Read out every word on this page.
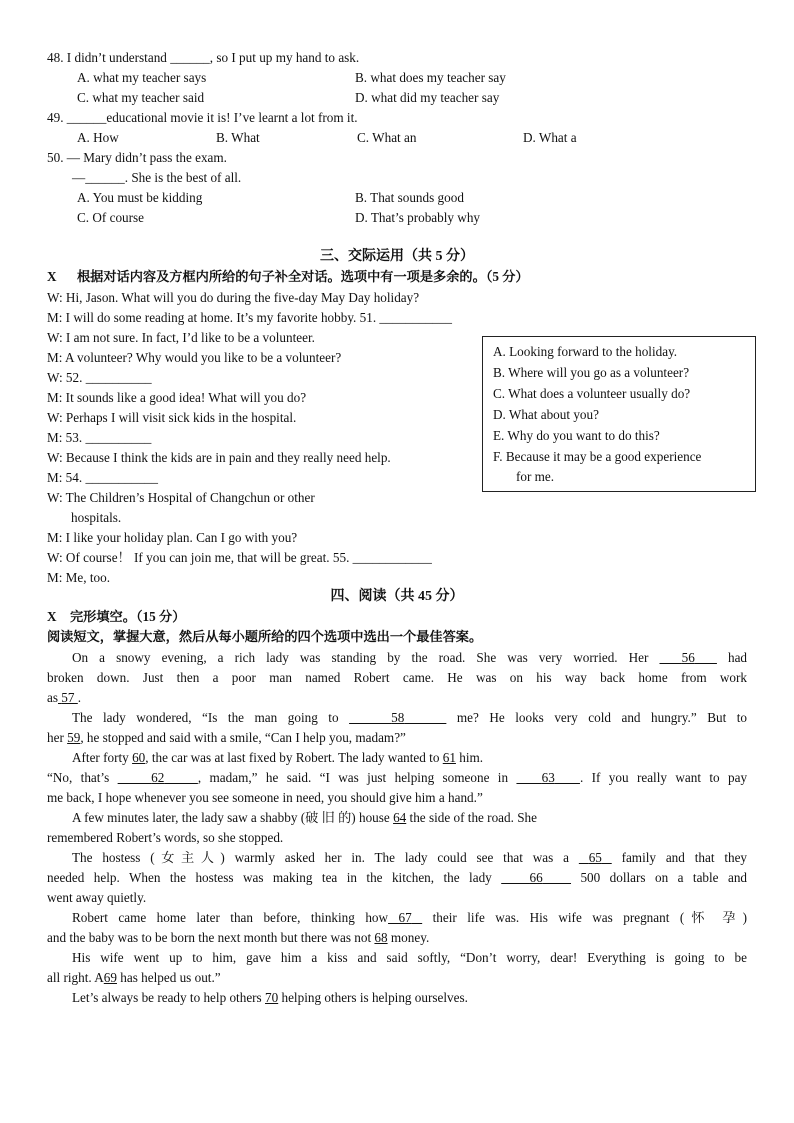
48. I didn’t understand ______, so I put up my hand to ask.
A. what my teacher says	B. what does my teacher say
C. what my teacher said	D. what did my teacher say
49. ______educational movie it is! I’ve learnt a lot from it.
A. How	B. What	C. What an	D. What a
50. — Mary didn’t pass the exam.
—______. She is the best of all.
A. You must be kidding	B. That sounds good
C. Of course	D. That’s probably why
三、交际运用（共 5 分）
X 根据对话内容及方框内所给的句子补全对话。选项中有一项是多余的。（5 分）
W: Hi, Jason. What will you do during the five-day May Day holiday?
M: I will do some reading at home. It’s my favorite hobby. 51. ___________
W: I am not sure. In fact, I’d like to be a volunteer.
M: A volunteer? Why would you like to be a volunteer?
W: 52. __________
M: It sounds like a good idea! What will you do?
W: Perhaps I will visit sick kids in the hospital.
M: 53. __________
W: Because I think the kids are in pain and they really need help.
M: 54. ___________
W: The Children’s Hospital of Changchun or other
hospitals.
M: I like your holiday plan. Can I go with you?
W: Of course！ If you can join me, that will be great. 55. ____________
M: Me, too.
A. Looking forward to the holiday.
B. Where will you go as a volunteer?
C. What does a volunteer usually do?
D. What about you?
E. Why do you want to do this?
F. Because it may be a good experience
for me.
四、阅读（共 45 分）
X 完形填空。（15 分）
阅读短文，掌握大意，然后从每小题所给的四个选项中选出一个最佳答案。
On a snowy evening, a rich lady was standing by the road. She was very worried. Her	56	had
broken down. Just then a poor man named Robert came. He was on his way back home from work
as 57 .
The lady wondered, “Is the man going to	58	me? He looks very cold and hungry.” But to
her 59, he stopped and said with a smile, “Can I help you, madam?”
After forty 60, the car was at last fixed by Robert. The lady wanted to 61 him.
“No, that’s	62	, madam,” he said. “I was just helping someone in	63 . If you really want to pay
me back, I hope whenever you see someone in need, you should give him a hand.”
A few minutes later, the lady saw a shabby (破 旧 的) house 64 the side of the road. She
remembered Robert’s words, so she stopped.
The hostess (女主人) warmly asked her in. The lady could see that was a 65 family and that they
needed help. When the hostess was making tea in the kitchen, the lady	66	500 dollars on a table and
went away quietly.
Robert came home later than before, thinking how 67 their life was. His wife was pregnant (怀 孕)
and the baby was to be born the next month but there was not 68 money.
His wife went up to him, gave him a kiss and said softly, “Don’t worry, dear! Everything is going to be
all right. A69 has helped us out.”
Let’s always be ready to help others 70 helping others is helping ourselves.
